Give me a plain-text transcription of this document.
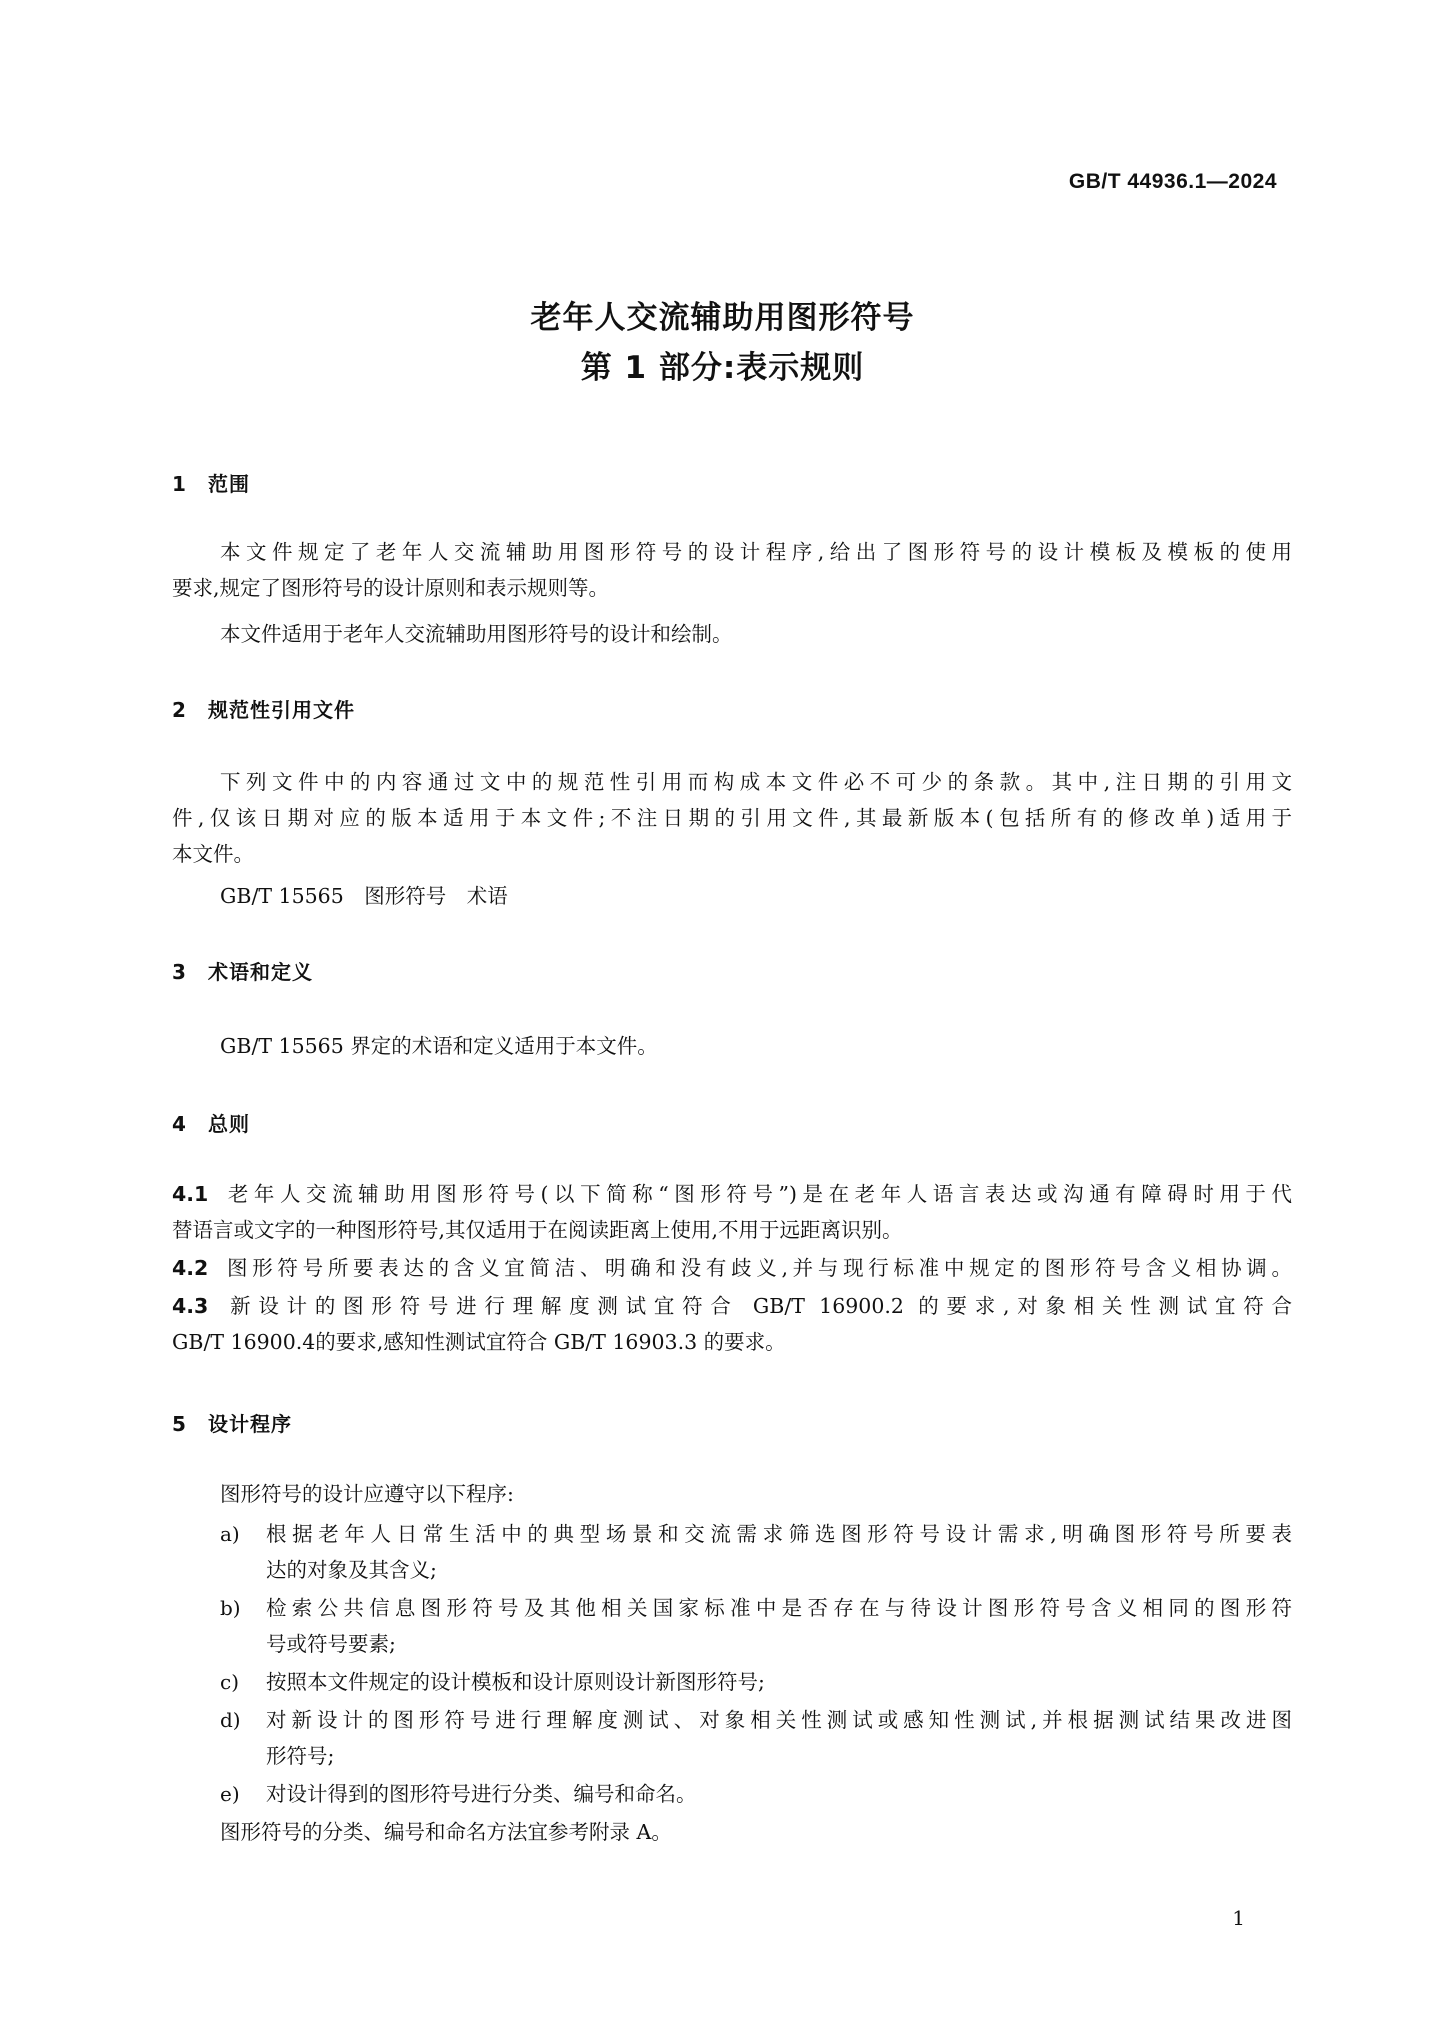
GB/T 44936.1—2024
老年人交流辅助用图形符号
第 1 部分:表示规则
1 范围
本文件规定了老年人交流辅助用图形符号的设计程序,给出了图形符号的设计模板及模板的使用
要求,规定了图形符号的设计原则和表示规则等。
本文件适用于老年人交流辅助用图形符号的设计和绘制。
2 规范性引用文件
下列文件中的内容通过文中的规范性引用而构成本文件必不可少的条款。其中,注日期的引用文
件,仅该日期对应的版本适用于本文件;不注日期的引用文件,其最新版本(包括所有的修改单)适用于
本文件。
GB/T 15565　图形符号　术语
3 术语和定义
GB/T 15565 界定的术语和定义适用于本文件。
4 总则
4.1 老年人交流辅助用图形符号(以下简称“图形符号”)是在老年人语言表达或沟通有障碍时用于代
替语言或文字的一种图形符号,其仅适用于在阅读距离上使用,不用于远距离识别。
4.2 图形符号所要表达的含义宜简洁、明确和没有歧义,并与现行标准中规定的图形符号含义相协调。
4.3 新设计的图形符号进行理解度测试宜符合 GB/T 16900.2 的要求,对象相关性测试宜符合
GB/T 16900.4的要求,感知性测试宜符合 GB/T 16903.3 的要求。
5 设计程序
图形符号的设计应遵守以下程序:
a) 根据老年人日常生活中的典型场景和交流需求筛选图形符号设计需求,明确图形符号所要表
达的对象及其含义;
b) 检索公共信息图形符号及其他相关国家标准中是否存在与待设计图形符号含义相同的图形符
号或符号要素;
c) 按照本文件规定的设计模板和设计原则设计新图形符号;
d) 对新设计的图形符号进行理解度测试、对象相关性测试或感知性测试,并根据测试结果改进图
形符号;
e) 对设计得到的图形符号进行分类、编号和命名。
图形符号的分类、编号和命名方法宜参考附录 A。
1
